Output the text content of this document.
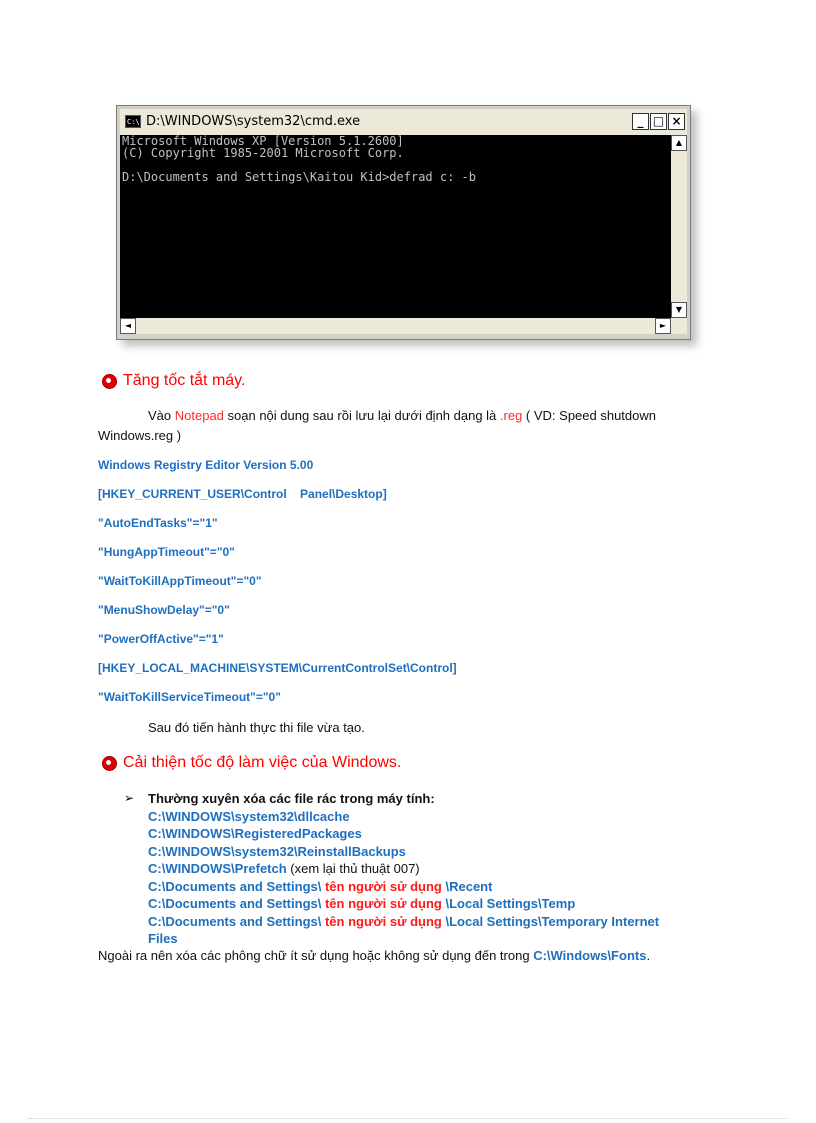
C:\ D:\WINDOWS\system32\cmd.exe	_ □ ×
Microsoft Windows XP [Version 5.1.2600]
(C) Copyright 1985-2001 Microsoft Corp.
D:\Documents and Settings\Kaitou Kid>defrad c: -b
▲
▼
◄	►
Tăng tốc tắt máy.
Vào Notepad soạn nội dung sau rồi lưu lại dưới định dạng là .reg ( VD: Speed shutdown Windows.reg )
Windows Registry Editor Version 5.00
[HKEY_CURRENT_USER\Control    Panel\Desktop]
"AutoEndTasks"="1"
"HungAppTimeout"="0"
"WaitToKillAppTimeout"="0"
"MenuShowDelay"="0"
"PowerOffActive"="1"
[HKEY_LOCAL_MACHINE\SYSTEM\CurrentControlSet\Control]
"WaitToKillServiceTimeout"="0"
Sau đó tiến hành thực thi file vừa tạo.
Cải thiện tốc độ làm việc của Windows.
➢ Thường xuyên xóa các file rác trong máy tính:
C:\WINDOWS\system32\dllcache
C:\WINDOWS\RegisteredPackages
C:\WINDOWS\system32\ReinstallBackups
C:\WINDOWS\Prefetch (xem lại thủ thuật 007)
C:\Documents and Settings\ tên người sử dụng \Recent
C:\Documents and Settings\ tên người sử dụng \Local Settings\Temp
C:\Documents and Settings\ tên người sử dụng \Local Settings\Temporary Internet
Files
Ngoài ra nên xóa các phông chữ ít sử dụng hoặc không sử dụng đến trong C:\Windows\Fonts.
